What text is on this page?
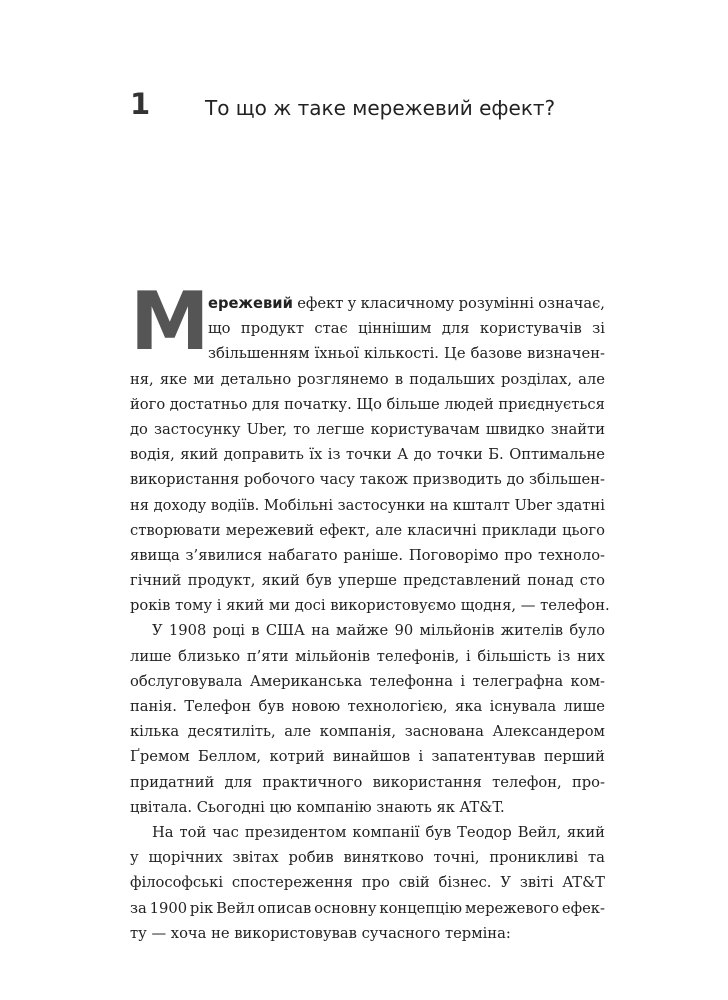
1	То що ж таке мережевий ефект?
М
ережевий ефект у класичному розумінні означає,
що продукт стає ціннішим для користувачів зі
збільшенням їхньої кількості. Це базове визначен-
ня, яке ми детально розглянемо в подальших розділах, але
його достатньо для початку. Що більше людей приєднується
до застосунку Uber, то легше користувачам швидко знайти
водія, який доправить їх із точки А до точки Б. Оптимальне
використання робочого часу також призводить до збільшен-
ня доходу водіїв. Мобільні застосунки на кшталт Uber здатні
створювати мережевий ефект, але класичні приклади цього
явища з’явилися набагато раніше. Поговорімо про техноло-
гічний продукт, який був уперше представлений понад сто
років тому і який ми досі використовуємо щодня, — телефон.
У 1908 році в США на майже 90 мільйонів жителів було
лише близько п’яти мільйонів телефонів, і більшість із них
обслуговувала Американська телефонна і телеграфна ком-
панія. Телефон був новою технологією, яка існувала лише
кілька десятиліть, але компанія, заснована Александером
Ґремом Беллом, котрий винайшов і запатентував перший
придатний для практичного використання телефон, про-
цвітала. Сьогодні цю компанію знають як AT&T.
На той час президентом компанії був Теодор Вейл, який
у щорічних звітах робив винятково точні, проникливі та
філософські спостереження про свій бізнес. У звіті AT&T
за 1900 рік Вейл описав основну концепцію мережевого ефек-
ту — хоча не використовував сучасного терміна:
